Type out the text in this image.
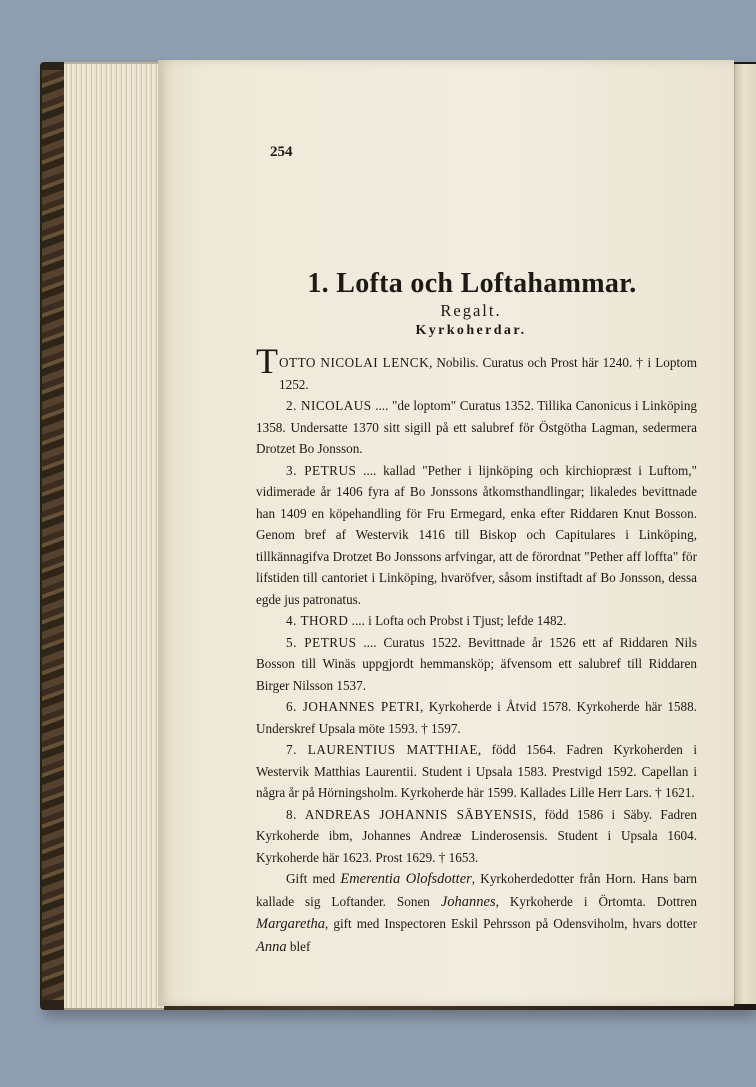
254
1. Lofta och Loftahammar.
Regalt.
Kyrkoherdar.

TOTTO NICOLAI LENCK, Nobilis. Curatus och Prost här 1240. † i Loptom 1252.

2. NICOLAUS .... "de loptom" Curatus 1352. Tillika Canonicus i Linköping 1358. Undersatte 1370 sitt sigill på ett salubref för Östgötha Lagman, sedermera Drotzet Bo Jonsson.

3. PETRUS .... kallad "Pether i lijnköping och kirchiopræst i Luftom," vidimerade år 1406 fyra af Bo Jonssons åtkomsthandlingar; likaledes bevittnade han 1409 en köpehandling för Fru Ermegard, enka efter Riddaren Knut Bosson. Genom bref af Westervik 1416 till Biskop och Capitulares i Linköping, tillkännagifva Drotzet Bo Jonssons arfvingar, att de förordnat "Pether aff loffta" för lifstiden till cantoriet i Linköping, hvaröfver, såsom instiftadt af Bo Jonsson, dessa egde jus patronatus.

4. THORD .... i Lofta och Probst i Tjust; lefde 1482.

5. PETRUS .... Curatus 1522. Bevittnade år 1526 ett af Riddaren Nils Bosson till Winäs uppgjordt hemmansköp; äfvensom ett salubref till Riddaren Birger Nilsson 1537.

6. JOHANNES PETRI, Kyrkoherde i Åtvid 1578. Kyrkoherde här 1588. Underskref Upsala möte 1593. † 1597.

7. LAURENTIUS MATTHIAE, född 1564. Fadren Kyrkoherden i Westervik Matthias Laurentii. Student i Upsala 1583. Prestvigd 1592. Capellan i några år på Hörningsholm. Kyrkoherde här 1599. Kallades Lille Herr Lars. † 1621.

8. ANDREAS JOHANNIS SÄBYENSIS, född 1586 i Säby. Fadren Kyrkoherde ibm, Johannes Andreæ Linderosensis. Student i Upsala 1604. Kyrkoherde här 1623. Prost 1629. † 1653.

Gift med Emerentia Olofsdotter, Kyrkoherdedotter från Horn. Hans barn kallade sig Loftander. Sonen Johannes, Kyrkoherde i Örtomta. Dottren Margaretha, gift med Inspectoren Eskil Pehrsson på Odensviholm, hvars dotter Anna blef
